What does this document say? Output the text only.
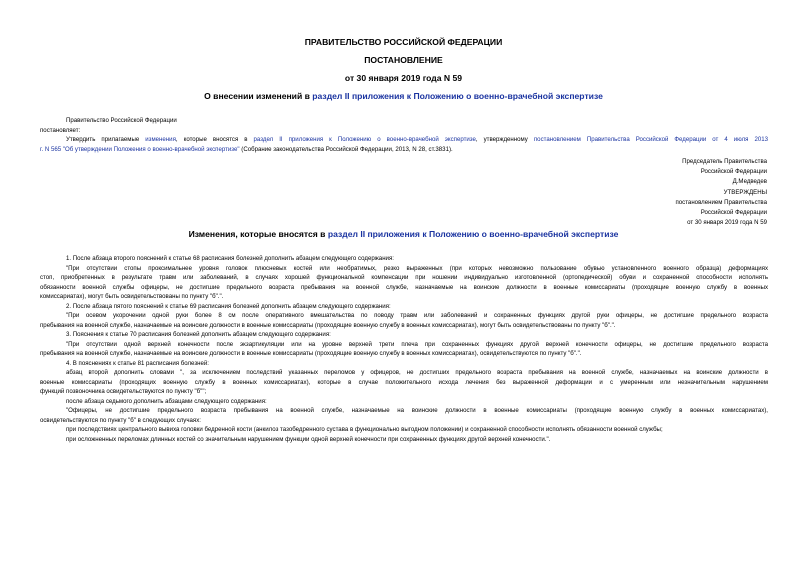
ПРАВИТЕЛЬСТВО РОССИЙСКОЙ ФЕДЕРАЦИИ
ПОСТАНОВЛЕНИЕ
от 30 января 2019 года N 59
О внесении изменений в раздел II приложения к Положению о военно-врачебной экспертизе
Правительство Российской Федерации
постановляет:
Утвердить прилагаемые изменения, которые вносятся в раздел II приложения к Положению о военно-врачебной экспертизе, утвержденному постановлением Правительства Российской Федерации от 4 июля 2013
г. N 565 "Об утверждении Положения о военно-врачебной экспертизе" (Собрание законодательства Российской Федерации, 2013, N 28, ст.3831).
Председатель Правительства
Российской Федерации
Д.Медведев
УТВЕРЖДЕНЫ
постановлением Правительства
Российской Федерации
от 30 января 2019 года N 59
Изменения, которые вносятся в раздел II приложения к Положению о военно-врачебной экспертизе
1. После абзаца второго пояснений к статье 68 расписания болезней дополнить абзацем следующего содержания:
"При отсутствии стопы проксимальнее уровня головок плюсневых костей или необратимых, резко выраженных (при которых невозможно пользование обувью установленного военного образца) деформациях
стоп, приобретенных в результате травм или заболеваний, в случаях хорошей функциональной компенсации при ношении индивидуально изготовленной (ортопедической) обуви и сохраненной способности исполнять
обязанности военной службы офицеры, не достигшие предельного возраста пребывания на военной службе, назначаемые на воинские должности в военные комиссариаты (проходящие военную службу в военных
комиссариатах), могут быть освидетельствованы по пункту "б".".
2. После абзаца пятого пояснений к статье 69 расписания болезней дополнить абзацем следующего содержания:
"При осевом укорочении одной руки более 8 см после оперативного вмешательства по поводу травм или заболеваний и сохраненных функциях другой руки офицеры, не достигшие предельного возраста
пребывания на военной службе, назначаемые на воинские должности в военные комиссариаты (проходящие военную службу в военных комиссариатах), могут быть освидетельствованы по пункту "б".".
3. Пояснения к статье 70 расписания болезней дополнить абзацем следующего содержания:
"При отсутствии одной верхней конечности после экзартикуляции или на уровне верхней трети плеча при сохраненных функциях другой верхней конечности офицеры, не достигшие предельного возраста
пребывания на военной службе, назначаемые на воинские должности в военные комиссариаты (проходящие военную службу в военных комиссариатах), освидетельствуются по пункту "б".".
4. В пояснениях к статье 81 расписания болезней:
абзац второй дополнить словами ", за исключением последствий указанных переломов у офицеров, не достигших предельного возраста пребывания на военной службе, назначаемых на воинские должности в
военные комиссариаты (проходящих военную службу в военных комиссариатах), которые в случае положительного исхода лечения без выраженной деформации и с умеренным или незначительным нарушением
функций позвоночника освидетельствуются по пункту "б"";
после абзаца седьмого дополнить абзацами следующего содержания:
"Офицеры, не достигшие предельного возраста пребывания на военной службе, назначаемые на воинские должности в военные комиссариаты (проходящие военную службу в военных комиссариатах),
освидетельствуются по пункту "б" в следующих случаях:
при последствиях центрального вывиха головки бедренной кости (анкилоз тазобедренного сустава в функционально выгодном положении) и сохраненной способности исполнять обязанности военной службы;
при осложненных переломах длинных костей со значительным нарушением функции одной верхней конечности при сохраненных функциях другой верхней конечности.".
